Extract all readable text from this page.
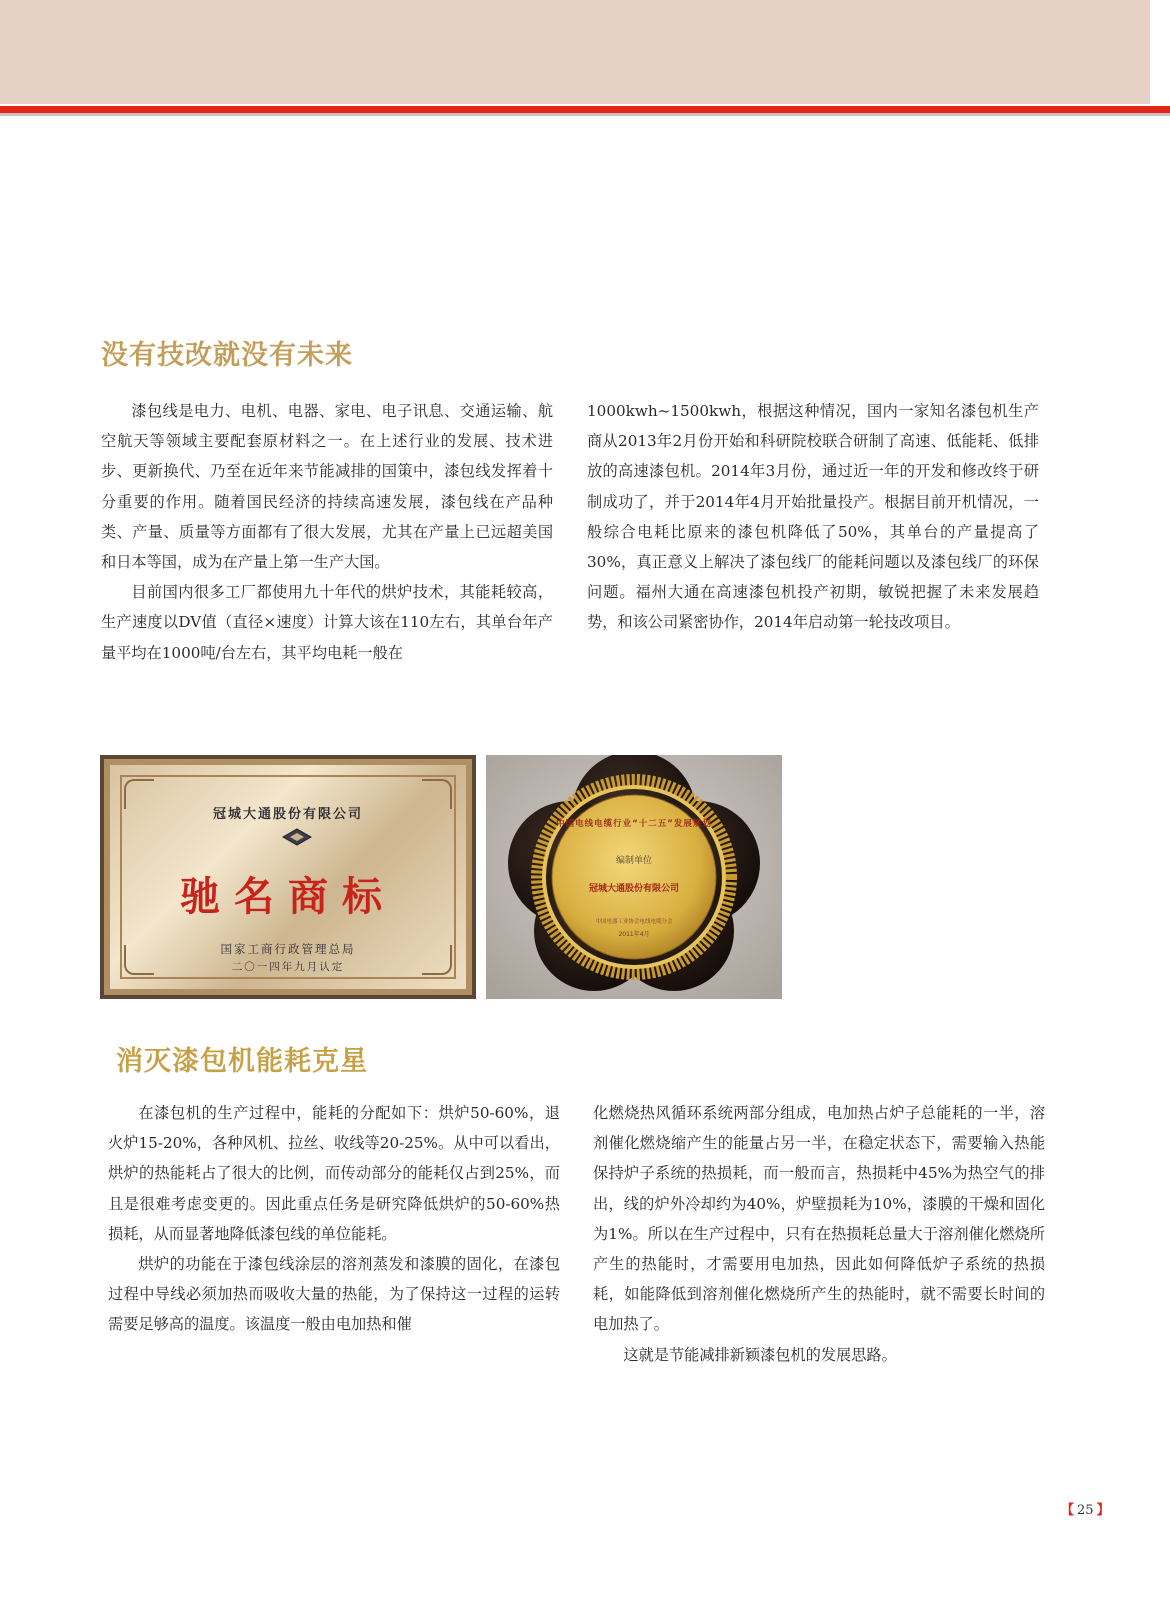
没有技改就没有未来

漆包线是电力、电机、电器、家电、电子讯息、交通运输、航空航天等领域主要配套原材料之一。在上述行业的发展、技术进步、更新换代、乃至在近年来节能减排的国策中，漆包线发挥着十分重要的作用。随着国民经济的持续高速发展，漆包线在产品种类、产量、质量等方面都有了很大发展，尤其在产量上已远超美国和日本等国，成为在产量上第一生产大国。

目前国内很多工厂都使用九十年代的烘炉技术，其能耗较高，生产速度以DV值（直径×速度）计算大该在110左右，其单台年产量平均在1000吨/台左右，其平均电耗一般在

1000kwh~1500kwh，根据这种情况，国内一家知名漆包机生产商从2013年2月份开始和科研院校联合研制了高速、低能耗、低排放的高速漆包机。2014年3月份，通过近一年的开发和修改终于研制成功了，并于2014年4月开始批量投产。根据目前开机情况，一般综合电耗比原来的漆包机降低了50%，其单台的产量提高了30%，真正意义上解决了漆包线厂的能耗问题以及漆包线厂的环保问题。福州大通在高速漆包机投产初期，敏锐把握了未来发展趋势，和该公司紧密协作，2014年启动第一轮技改项目。

冠城大通股份有限公司
驰名商标
国家工商行政管理总局
二〇一四年九月认定
中国电线电缆行业“十二五”发展规划
编制单位
冠城大通股份有限公司
中国电器工业协会电线电缆分会
2011年4月
消灭漆包机能耗克星

在漆包机的生产过程中，能耗的分配如下：烘炉50-60%，退火炉15-20%，各种风机、拉丝、收线等20-25%。从中可以看出，烘炉的热能耗占了很大的比例，而传动部分的能耗仅占到25%，而且是很难考虑变更的。因此重点任务是研究降低烘炉的50-60%热损耗，从而显著地降低漆包线的单位能耗。

烘炉的功能在于漆包线涂层的溶剂蒸发和漆膜的固化，在漆包过程中导线必须加热而吸收大量的热能，为了保持这一过程的运转需要足够高的温度。该温度一般由电加热和催

化燃烧热风循环系统两部分组成，电加热占炉子总能耗的一半，溶剂催化燃烧缩产生的能量占另一半，在稳定状态下，需要输入热能保持炉子系统的热损耗，而一般而言，热损耗中45%为热空气的排出，线的炉外冷却约为40%，炉壁损耗为10%，漆膜的干燥和固化为1%。所以在生产过程中，只有在热损耗总量大于溶剂催化燃烧所产生的热能时，才需要用电加热，因此如何降低炉子系统的热损耗，如能降低到溶剂催化燃烧所产生的热能时，就不需要长时间的电加热了。

这就是节能减排新颖漆包机的发展思路。

【 25 】
